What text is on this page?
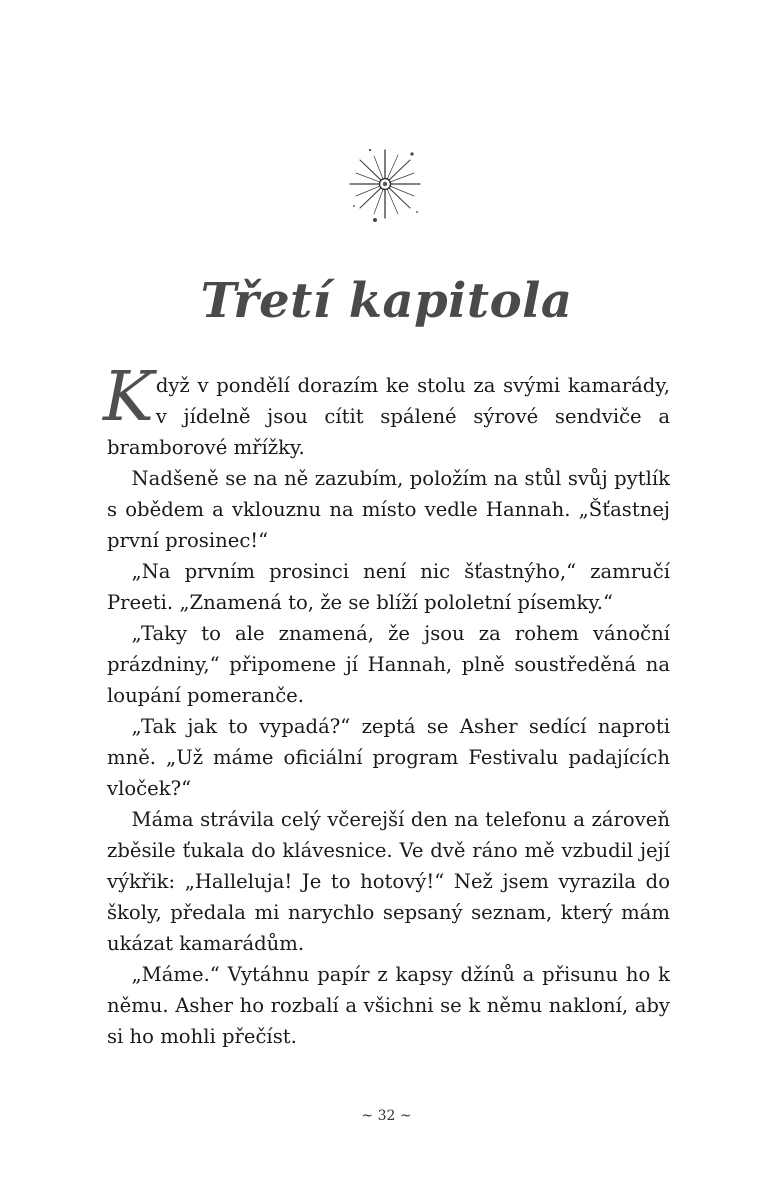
Třetí kapitola

Když v pondělí dorazím ke stolu za svými kamarády, v jídelně jsou cítit spálené sýrové sendviče a bramborové mřížky.

Nadšeně se na ně zazubím, položím na stůl svůj pytlík s obědem a vklouznu na místo vedle Hannah. „Šťastnej první prosinec!“

„Na prvním prosinci není nic šťastnýho,“ zamručí Preeti. „Znamená to, že se blíží pololetní písemky.“

„Taky to ale znamená, že jsou za rohem vánoční prázdniny,“ připomene jí Hannah, plně soustředěná na loupání pomeranče.

„Tak jak to vypadá?“ zeptá se Asher sedící naproti mně. „Už máme oficiální program Festivalu padajících vloček?“

Máma strávila celý včerejší den na telefonu a zároveň zběsile ťukala do klávesnice. Ve dvě ráno mě vzbudil její výkřik: „Halleluja! Je to hotový!“ Než jsem vyrazila do školy, předala mi narychlo sepsaný seznam, který mám ukázat kamarádům.

„Máme.“ Vytáhnu papír z kapsy džínů a přisunu ho k němu. Asher ho rozbalí a všichni se k němu nakloní, aby si ho mohli přečíst.

~ 32 ~
